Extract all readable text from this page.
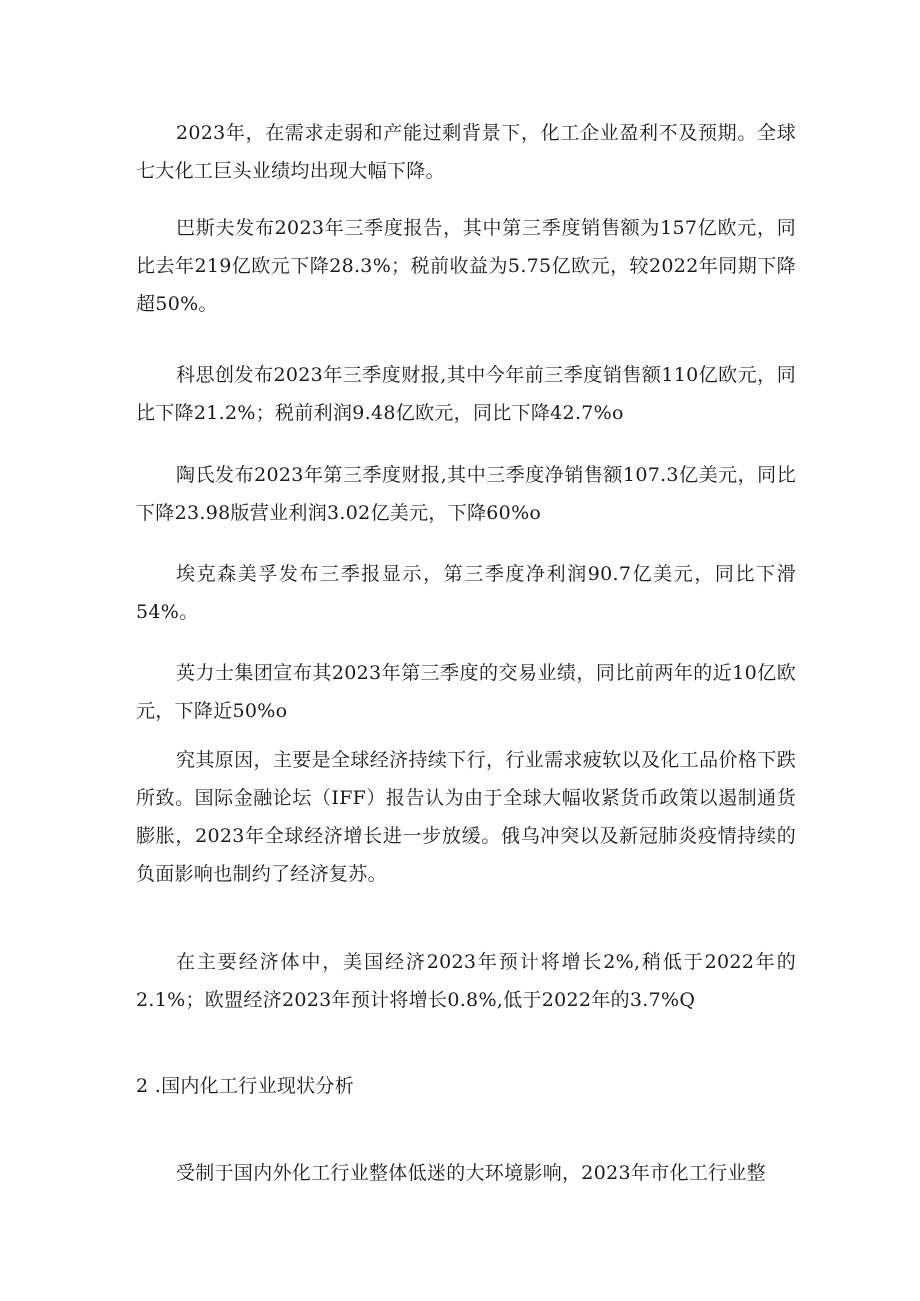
2023年，在需求走弱和产能过剩背景下，化工企业盈利不及预期。全球七大化工巨头业绩均出现大幅下降。

巴斯夫发布2023年三季度报告，其中第三季度销售额为157亿欧元，同比去年219亿欧元下降28.3%；税前收益为5.75亿欧元，较2022年同期下降超50%。

科思创发布2023年三季度财报,其中今年前三季度销售额110亿欧元，同比下降21.2%；税前利润9.48亿欧元，同比下降42.7%o

陶氏发布2023年第三季度财报,其中三季度净销售额107.3亿美元，同比下降23.98版营业利润3.02亿美元，下降60%o

埃克森美孚发布三季报显示，第三季度净利润90.7亿美元，同比下滑54%。

英力士集团宣布其2023年第三季度的交易业绩，同比前两年的近10亿欧元，下降近50%o

究其原因，主要是全球经济持续下行，行业需求疲软以及化工品价格下跌所致。国际金融论坛（IFF）报告认为由于全球大幅收紧货币政策以遏制通货膨胀，2023年全球经济增长进一步放缓。俄乌冲突以及新冠肺炎疫情持续的负面影响也制约了经济复苏。

在主要经济体中，美国经济2023年预计将增长2%,稍低于2022年的2.1%；欧盟经济2023年预计将增长0.8%,低于2022年的3.7%Q

2 .国内化工行业现状分析

受制于国内外化工行业整体低迷的大环境影响，2023年市化工行业整
